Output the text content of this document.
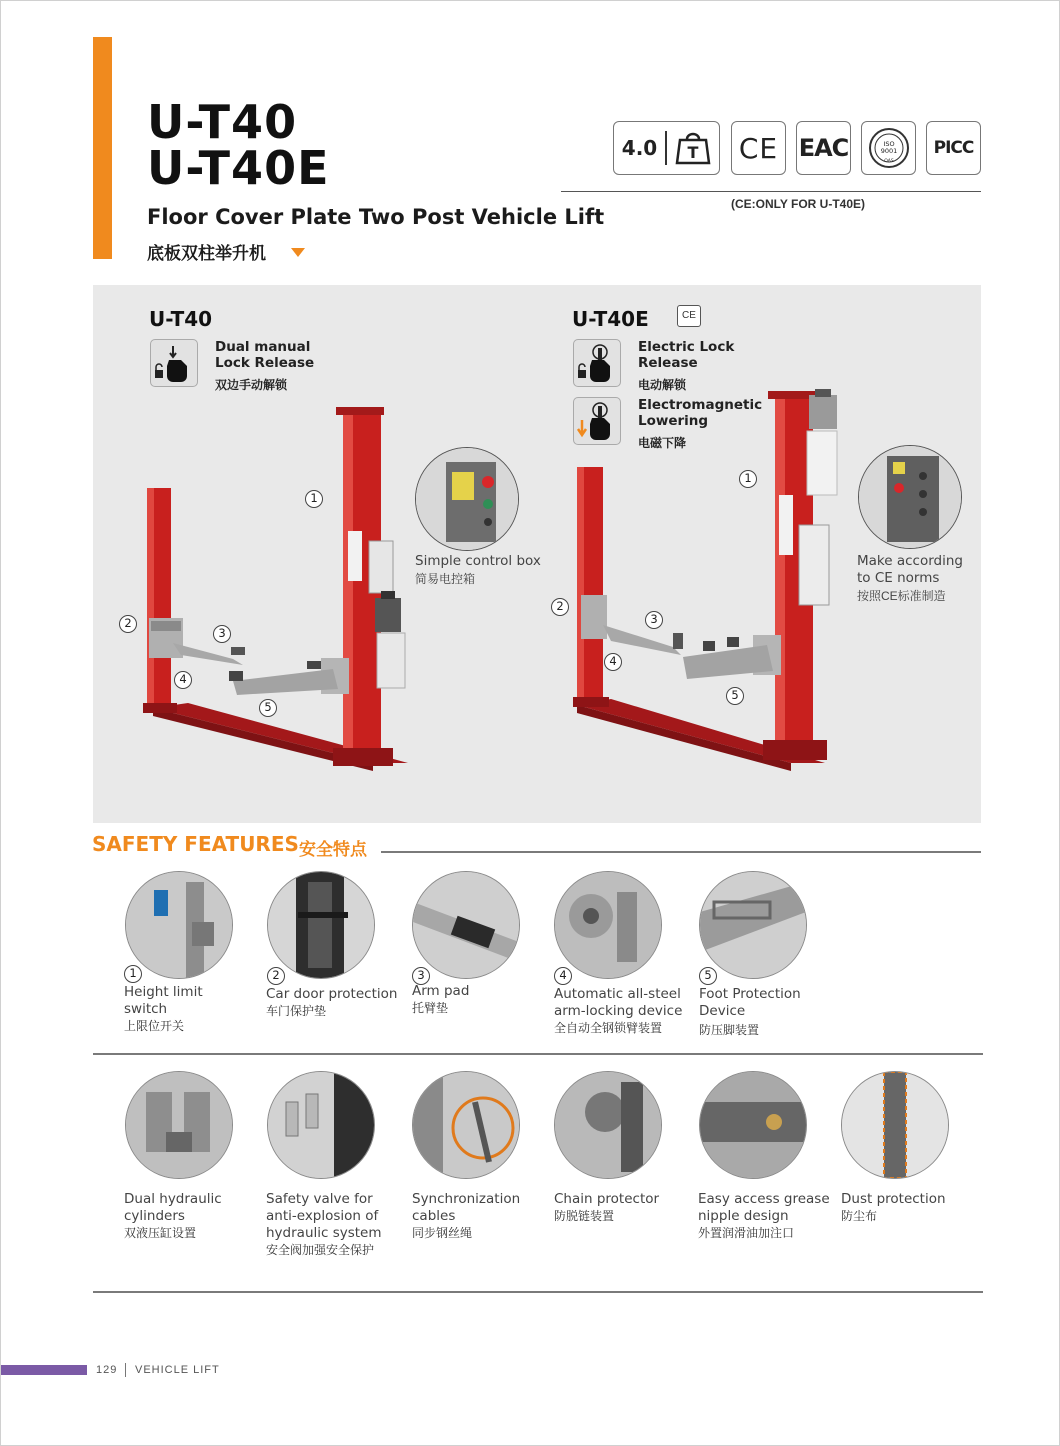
U-T40
U-T40E
Floor Cover Plate Two Post Vehicle Lift
底板双柱举升机
4.0 T CE EAC	ISO
9001
OAS
PICC
(CE:ONLY FOR U-T40E)
U-T40
Dual manual
Lock Release
双边手动解锁
1
2
3
4
5
Simple control box
简易电控箱
U-T40E	CE
Electric Lock
Release
电动解锁
Electromagnetic
Lowering
电磁下降
1
2
3
4
5
Make according
to CE norms
按照CE标准制造
SAFETY FEATURES 安全特点
1	2	3	4	5
Height limit switch
上限位开关
Car door protection
车门保护垫
Arm pad
托臂垫
Automatic all-steel arm-locking device
全自动全钢锁臂装置
Foot Protection Device
防压脚装置
Dual hydraulic cylinders
双液压缸设置
Safety valve for anti-explosion of hydraulic system
安全阀加强安全保护
Synchronization cables
同步钢丝绳
Chain protector
防脱链装置
Easy access grease nipple design
外置润滑油加注口
Dust protection
防尘布
129 VEHICLE LIFT
